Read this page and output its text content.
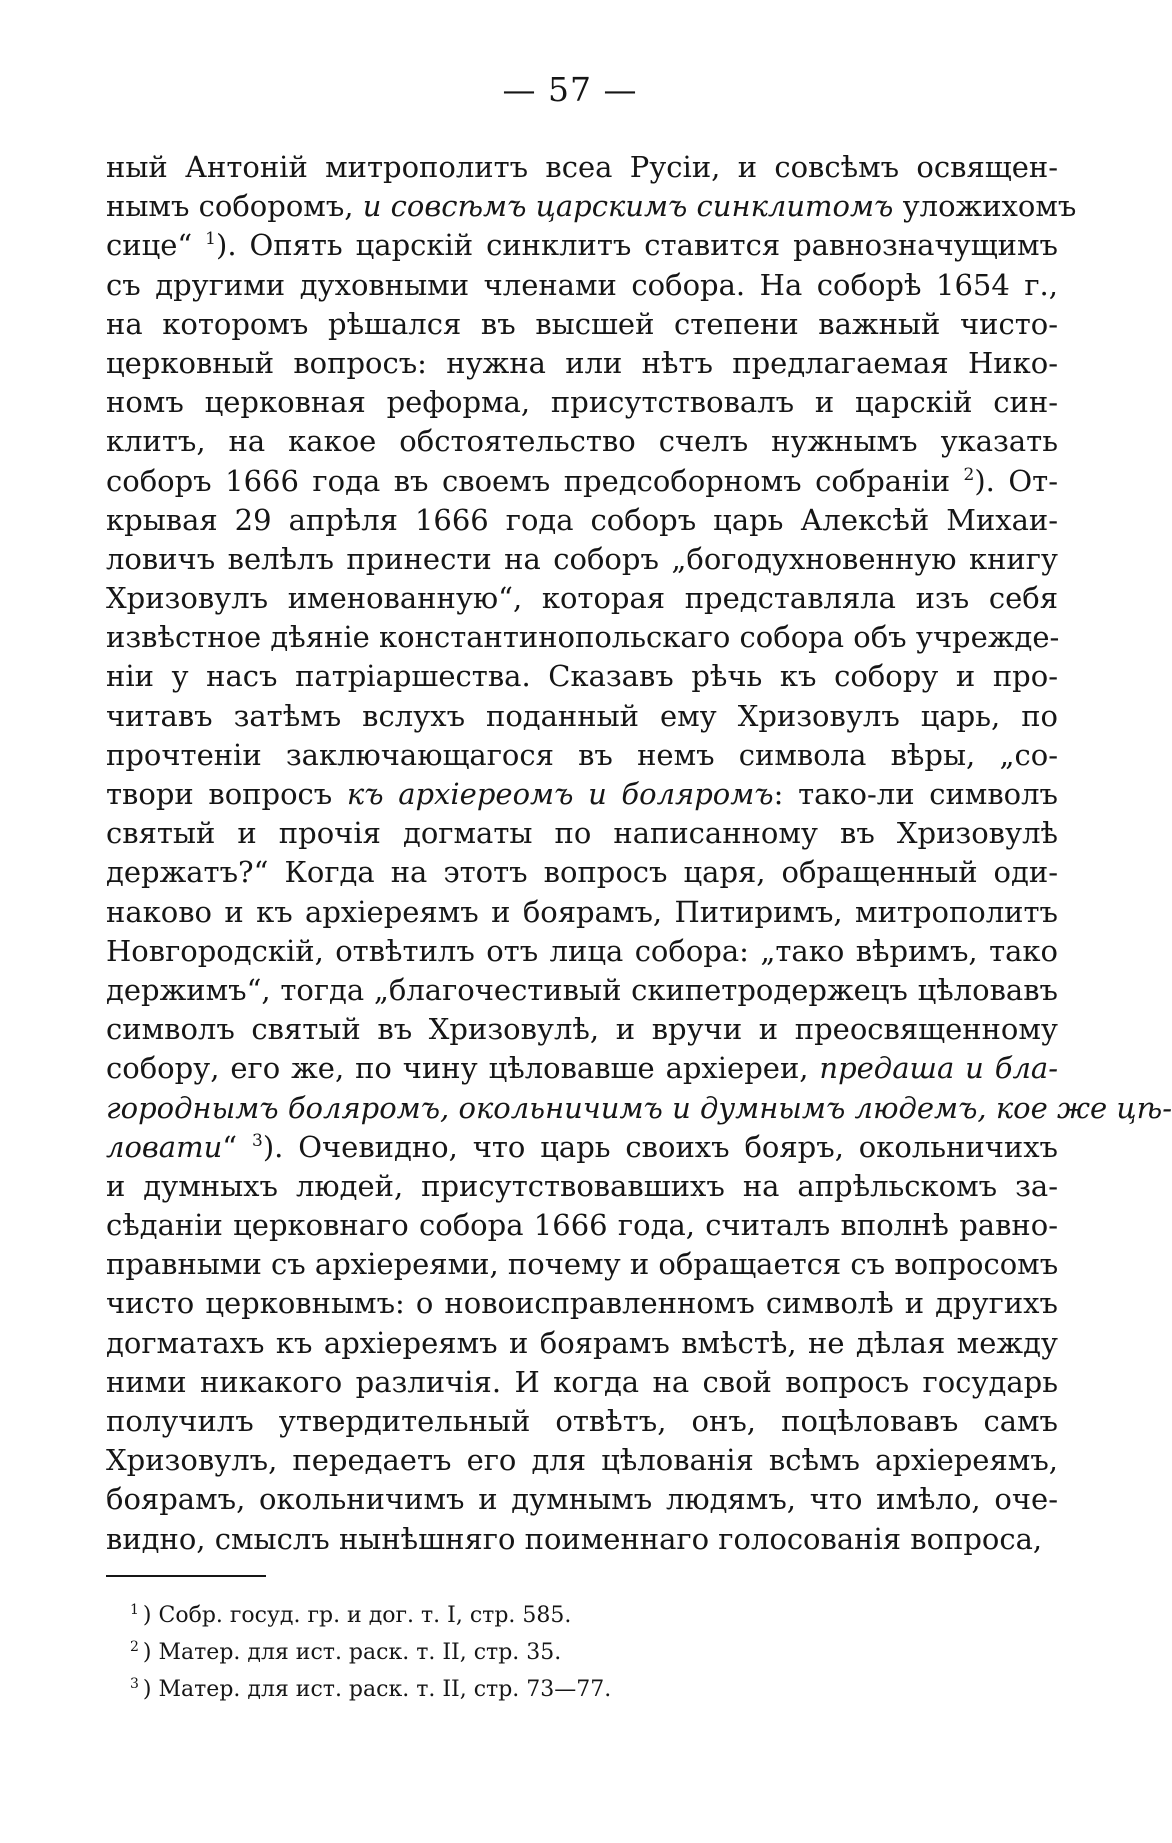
— 57 —
ный Антоній митрополитъ всеа Русіи, и совсѣмъ освящен-
нымъ соборомъ, и совсѣмъ царскимъ синклитомъ уложихомъ
сице“ $^1$). Опять царскій синклитъ ставится равнозначущимъ
съ другими духовными членами собора. На соборѣ 1654 г.,
на которомъ рѣшался въ высшей степени важный чисто-
церковный вопросъ: нужна или нѣтъ предлагаемая Нико-
номъ церковная реформа, присутствовалъ и царскій син-
клитъ, на какое обстоятельство счелъ нужнымъ указать
соборъ 1666 года въ своемъ предсоборномъ собраніи $^2$). От-
крывая 29 апрѣля 1666 года соборъ царь Алексѣй Михаи-
ловичъ велѣлъ принести на соборъ „богодухновенную книгу
Хризовулъ именованную“, которая представляла изъ себя
извѣстное дѣяніе константинопольскаго собора объ учрежде-
ніи у насъ патріаршества. Сказавъ рѣчь къ собору и про-
читавъ затѣмъ вслухъ поданный ему Хризовулъ царь, по
прочтеніи заключающагося въ немъ символа вѣры, „со-
твори вопросъ къ архіереомъ и боляромъ: тако-ли символъ
святый и прочія догматы по написанному въ Хризовулѣ
держатъ?“ Когда на этотъ вопросъ царя, обращенный оди-
наково и къ архіереямъ и боярамъ, Питиримъ, митрополитъ
Новгородскій, отвѣтилъ отъ лица собора: „тако вѣримъ, тако
держимъ“, тогда „благочестивый скипетродержецъ цѣловавъ
символъ святый въ Хризовулѣ, и вручи и преосвященному
собору, его же, по чину цѣловавше архіереи, предаша и бла-
городнымъ боляромъ, окольничимъ и думнымъ людемъ, кое же цѣ-
ловати“ $^3$). Очевидно, что царь своихъ бояръ, окольничихъ
и думныхъ людей, присутствовавшихъ на апрѣльскомъ за-
сѣданіи церковнаго собора 1666 года, считалъ вполнѣ равно-
правными съ архіереями, почему и обращается съ вопросомъ
чисто церковнымъ: о новоисправленномъ символѣ и другихъ
догматахъ къ архіереямъ и боярамъ вмѣстѣ, не дѣлая между
ними никакого различія. И когда на свой вопросъ государь
получилъ утвердительный отвѣтъ, онъ, поцѣловавъ самъ
Хризовулъ, передаетъ его для цѣлованія всѣмъ архіереямъ,
боярамъ, окольничимъ и думнымъ людямъ, что имѣло, оче-
видно, смыслъ нынѣшняго поименнаго голосованія вопроса,
$^1$ ) Собр. госуд. гр. и дог. т. I, стр. 585.
$^2$ ) Матер. для ист. раск. т. II, стр. 35.
$^3$ ) Матер. для ист. раск. т. II, стр. 73—77.
